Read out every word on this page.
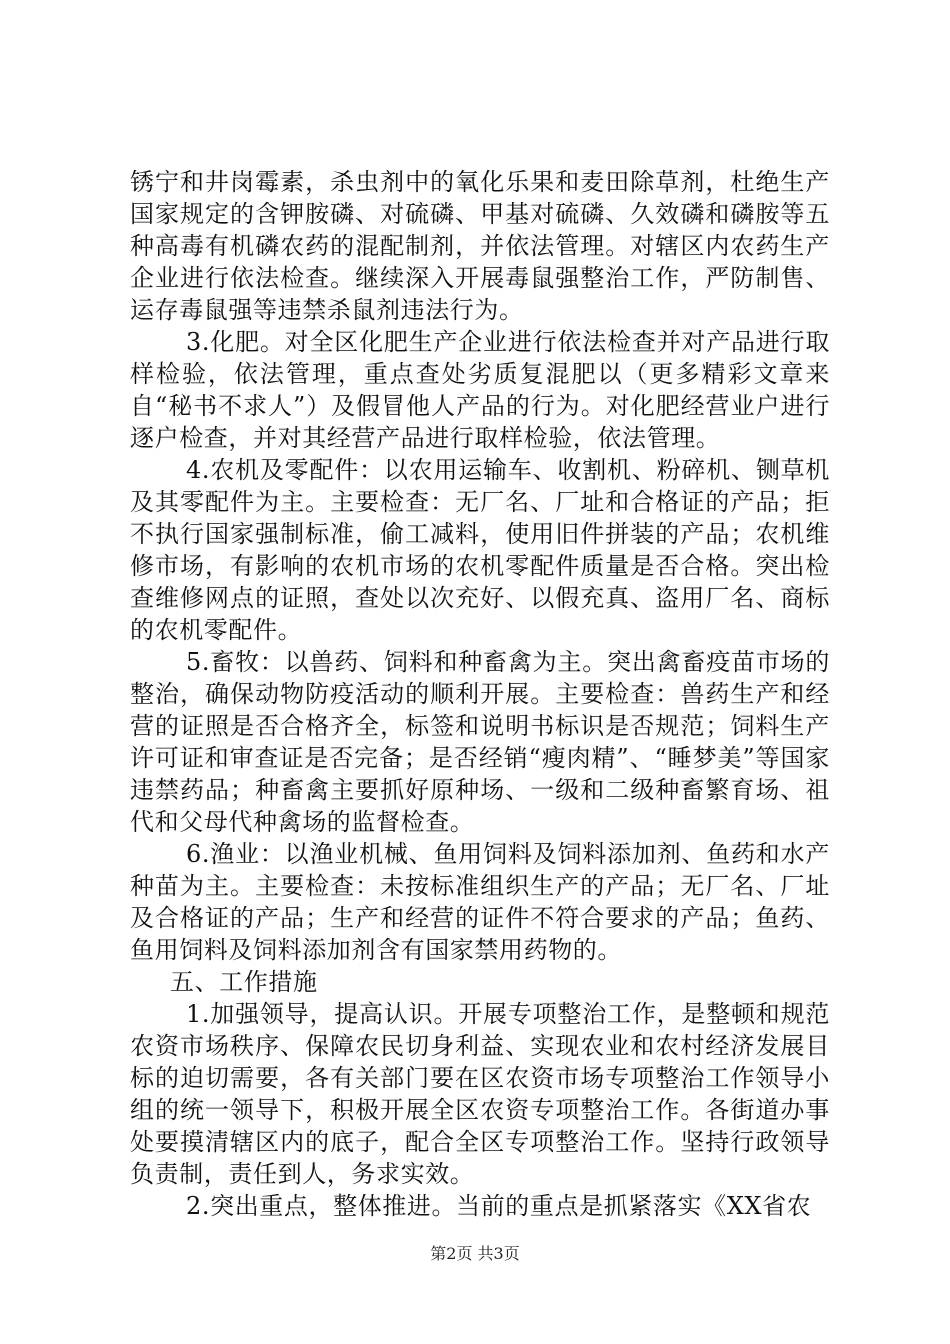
锈宁和井岗霉素，杀虫剂中的氧化乐果和麦田除草剂，杜绝生产国家规定的含钾胺磷、对硫磷、甲基对硫磷、久效磷和磷胺等五种高毒有机磷农药的混配制剂，并依法管理。对辖区内农药生产企业进行依法检查。继续深入开展毒鼠强整治工作，严防制售、运存毒鼠强等违禁杀鼠剂违法行为。

3.化肥。对全区化肥生产企业进行依法检查并对产品进行取样检验，依法管理，重点查处劣质复混肥以（更多精彩文章来自“秘书不求人”）及假冒他人产品的行为。对化肥经营业户进行逐户检查，并对其经营产品进行取样检验，依法管理。

4.农机及零配件：以农用运输车、收割机、粉碎机、铡草机及其零配件为主。主要检查：无厂名、厂址和合格证的产品；拒不执行国家强制标准，偷工减料，使用旧件拼装的产品；农机维修市场，有影响的农机市场的农机零配件质量是否合格。突出检查维修网点的证照，查处以次充好、以假充真、盗用厂名、商标的农机零配件。

5.畜牧：以兽药、饲料和种畜禽为主。突出禽畜疫苗市场的整治，确保动物防疫活动的顺利开展。主要检查：兽药生产和经营的证照是否合格齐全，标签和说明书标识是否规范；饲料生产许可证和审查证是否完备；是否经销“瘦肉精”、“睡梦美”等国家违禁药品；种畜禽主要抓好原种场、一级和二级种畜繁育场、祖代和父母代种禽场的监督检查。

6.渔业：以渔业机械、鱼用饲料及饲料添加剂、鱼药和水产种苗为主。主要检查：未按标准组织生产的产品；无厂名、厂址及合格证的产品；生产和经营的证件不符合要求的产品；鱼药、鱼用饲料及饲料添加剂含有国家禁用药物的。

五、工作措施

1.加强领导，提高认识。开展专项整治工作，是整顿和规范农资市场秩序、保障农民切身利益、实现农业和农村经济发展目标的迫切需要，各有关部门要在区农资市场专项整治工作领导小组的统一领导下，积极开展全区农资专项整治工作。各街道办事处要摸清辖区内的底子，配合全区专项整治工作。坚持行政领导负责制，责任到人，务求实效。

2.突出重点，整体推进。当前的重点是抓紧落实《XX省农

第2页 共3页
